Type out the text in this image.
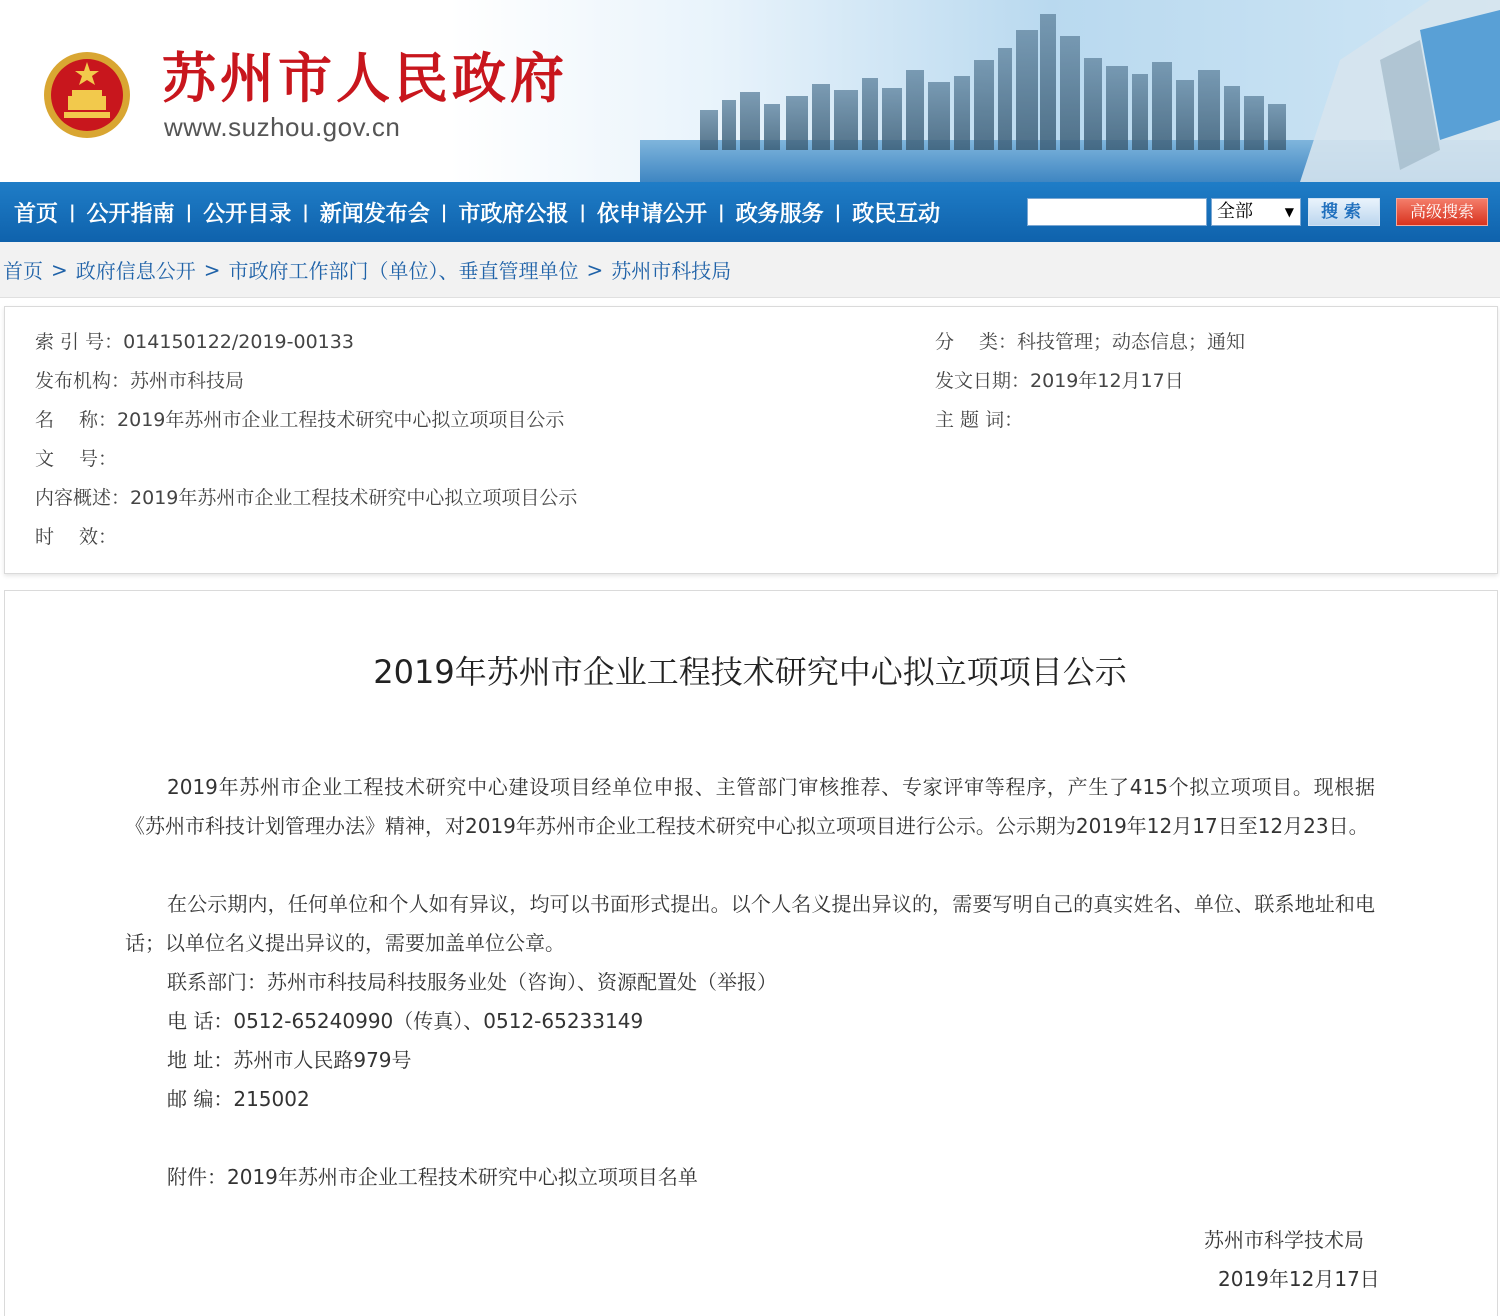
苏州市人民政府
www.suzhou.gov.cn
首页 | 公开指南 | 公开目录 | 新闻发布会 | 市政府公报 | 依申请公开 | 政务服务 | 政民互动	全部	▼	搜索	高级搜索
首页 > 政府信息公开 > 市政府工作部门（单位）、垂直管理单位 > 苏州市科技局
索 引 号：014150122/2019-00133	分　 类：科技管理；动态信息；通知
发布机构：苏州市科技局	发文日期：2019年12月17日
名　 称：2019年苏州市企业工程技术研究中心拟立项项目公示	主 题 词：
文　 号：
内容概述：2019年苏州市企业工程技术研究中心拟立项项目公示
时　 效：
2019年苏州市企业工程技术研究中心拟立项项目公示
2019年苏州市企业工程技术研究中心建设项目经单位申报、主管部门审核推荐、专家评审等程序，产生了415个拟立项项目。现根据《苏州市科技计划管理办法》精神，对2019年苏州市企业工程技术研究中心拟立项项目进行公示。公示期为2019年12月17日至12月23日。
在公示期内，任何单位和个人如有异议，均可以书面形式提出。以个人名义提出异议的，需要写明自己的真实姓名、单位、联系地址和电话；以单位名义提出异议的，需要加盖单位公章。
联系部门：苏州市科技局科技服务业处（咨询）、资源配置处（举报）
电 话：0512-65240990（传真）、0512-65233149
地 址：苏州市人民路979号
邮 编：215002
附件：2019年苏州市企业工程技术研究中心拟立项项目名单
苏州市科学技术局
2019年12月17日
